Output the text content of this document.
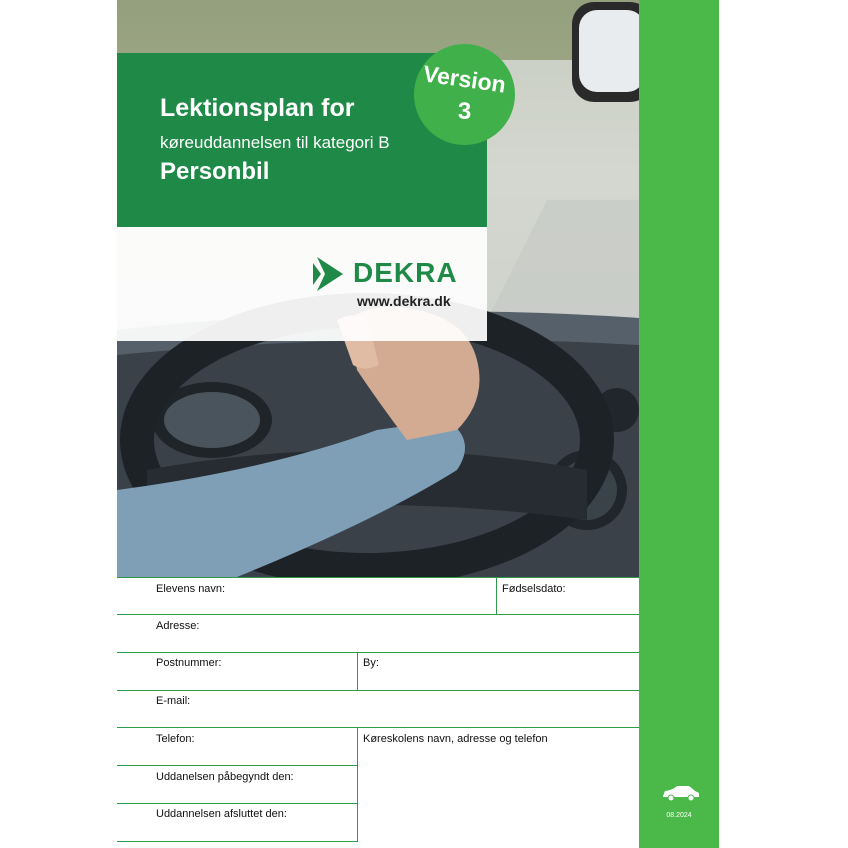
Lektionsplan for
køreuddannelsen til kategori B
Personbil
Version
3
DEKRA
www.dekra.dk
08.2024
Elevens navn:	Fødselsdato:
Adresse:
Postnummer:	By:
E-mail:
Telefon:	Køreskolens navn, adresse og telefon
Uddanelsen påbegyndt den:
Uddannelsen afsluttet den:
